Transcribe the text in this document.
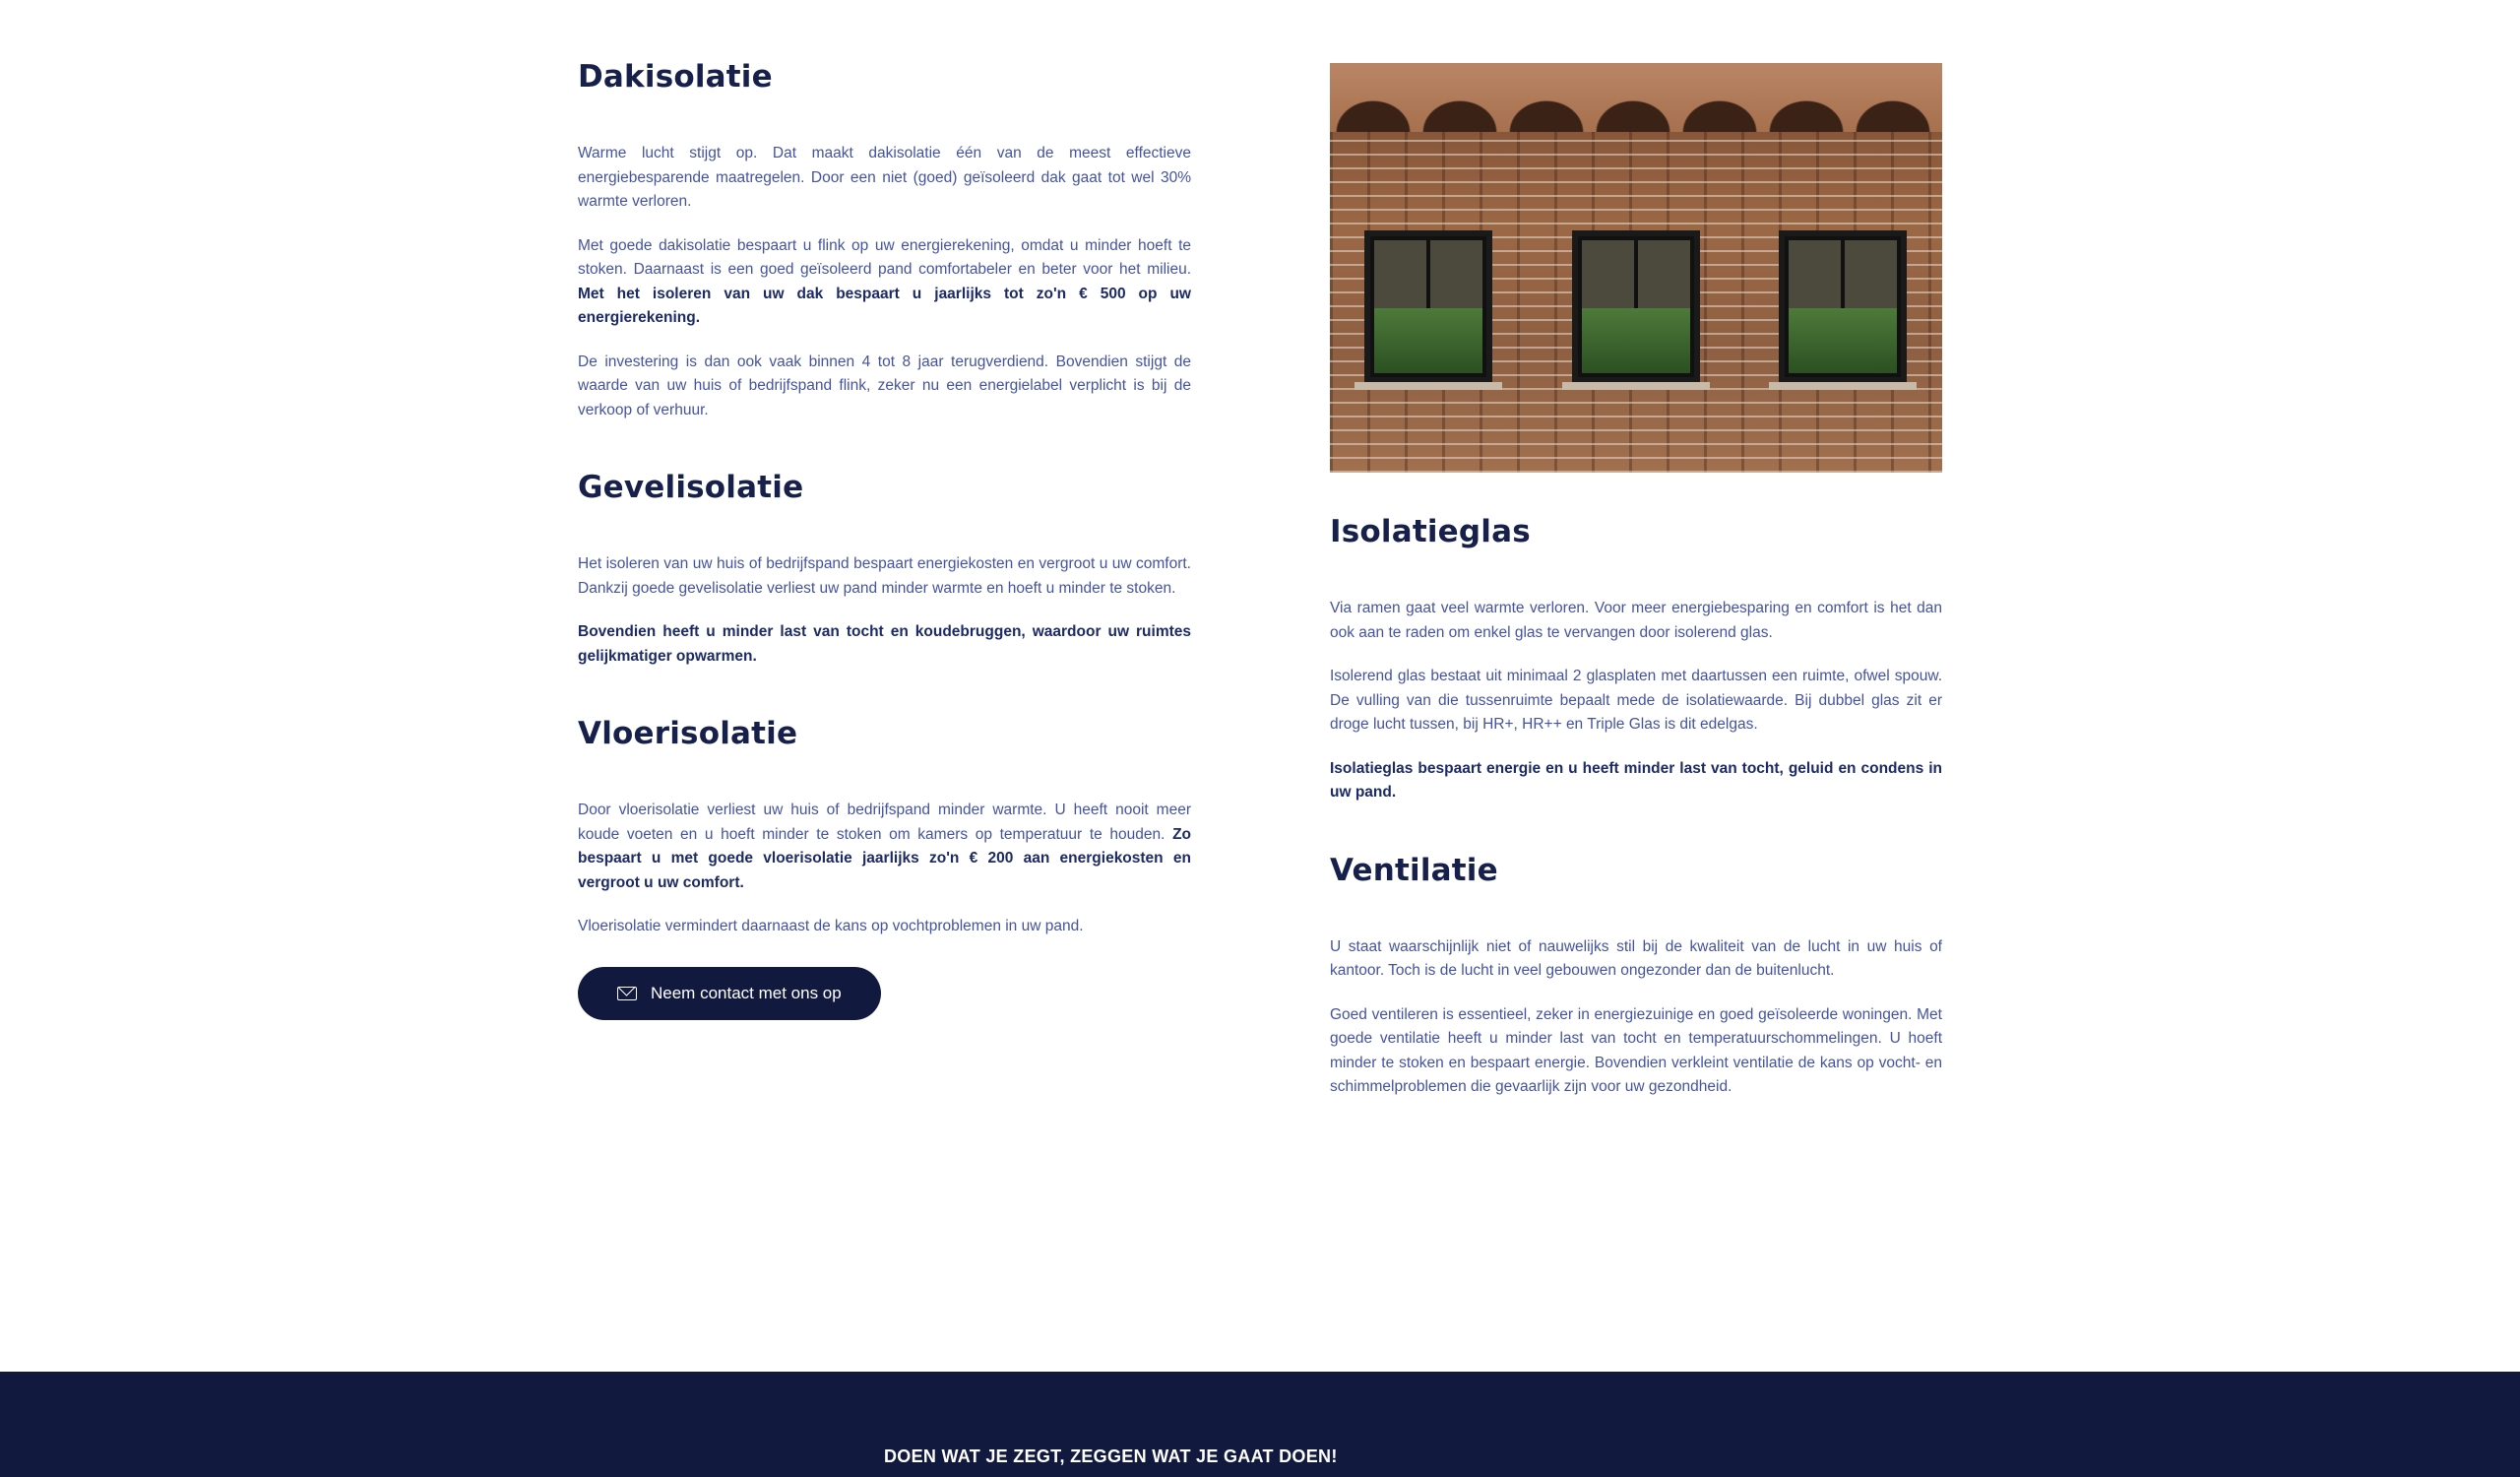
Dakisolatie

Warme lucht stijgt op. Dat maakt dakisolatie één van de meest effectieve energiebesparende maatregelen. Door een niet (goed) geïsoleerd dak gaat tot wel 30% warmte verloren.

Met goede dakisolatie bespaart u flink op uw energierekening, omdat u minder hoeft te stoken. Daarnaast is een goed geïsoleerd pand comfortabeler en beter voor het milieu. Met het isoleren van uw dak bespaart u jaarlijks tot zo'n € 500 op uw energierekening.

De investering is dan ook vaak binnen 4 tot 8 jaar terugverdiend. Bovendien stijgt de waarde van uw huis of bedrijfspand flink, zeker nu een energielabel verplicht is bij de verkoop of verhuur.

Gevelisolatie

Het isoleren van uw huis of bedrijfspand bespaart energiekosten en vergroot u uw comfort. Dankzij goede gevelisolatie verliest uw pand minder warmte en hoeft u minder te stoken.

Bovendien heeft u minder last van tocht en koudebruggen, waardoor uw ruimtes gelijkmatiger opwarmen.

Vloerisolatie

Door vloerisolatie verliest uw huis of bedrijfspand minder warmte. U heeft nooit meer koude voeten en u hoeft minder te stoken om kamers op temperatuur te houden. Zo bespaart u met goede vloerisolatie jaarlijks zo'n € 200 aan energiekosten en vergroot u uw comfort.

Vloerisolatie vermindert daarnaast de kans op vochtproblemen in uw pand.

Neem contact met ons op
Isolatieglas

Via ramen gaat veel warmte verloren. Voor meer energiebesparing en comfort is het dan ook aan te raden om enkel glas te vervangen door isolerend glas.

Isolerend glas bestaat uit minimaal 2 glasplaten met daartussen een ruimte, ofwel spouw. De vulling van die tussenruimte bepaalt mede de isolatiewaarde. Bij dubbel glas zit er droge lucht tussen, bij HR+, HR++ en Triple Glas is dit edelgas.

Isolatieglas bespaart energie en u heeft minder last van tocht, geluid en condens in uw pand.

Ventilatie

U staat waarschijnlijk niet of nauwelijks stil bij de kwaliteit van de lucht in uw huis of kantoor. Toch is de lucht in veel gebouwen ongezonder dan de buitenlucht.

Goed ventileren is essentieel, zeker in energiezuinige en goed geïsoleerde woningen. Met goede ventilatie heeft u minder last van tocht en temperatuurschommelingen. U hoeft minder te stoken en bespaart energie. Bovendien verkleint ventilatie de kans op vocht- en schimmelproblemen die gevaarlijk zijn voor uw gezondheid.

DOEN WAT JE ZEGT, ZEGGEN WAT JE GAAT DOEN!
